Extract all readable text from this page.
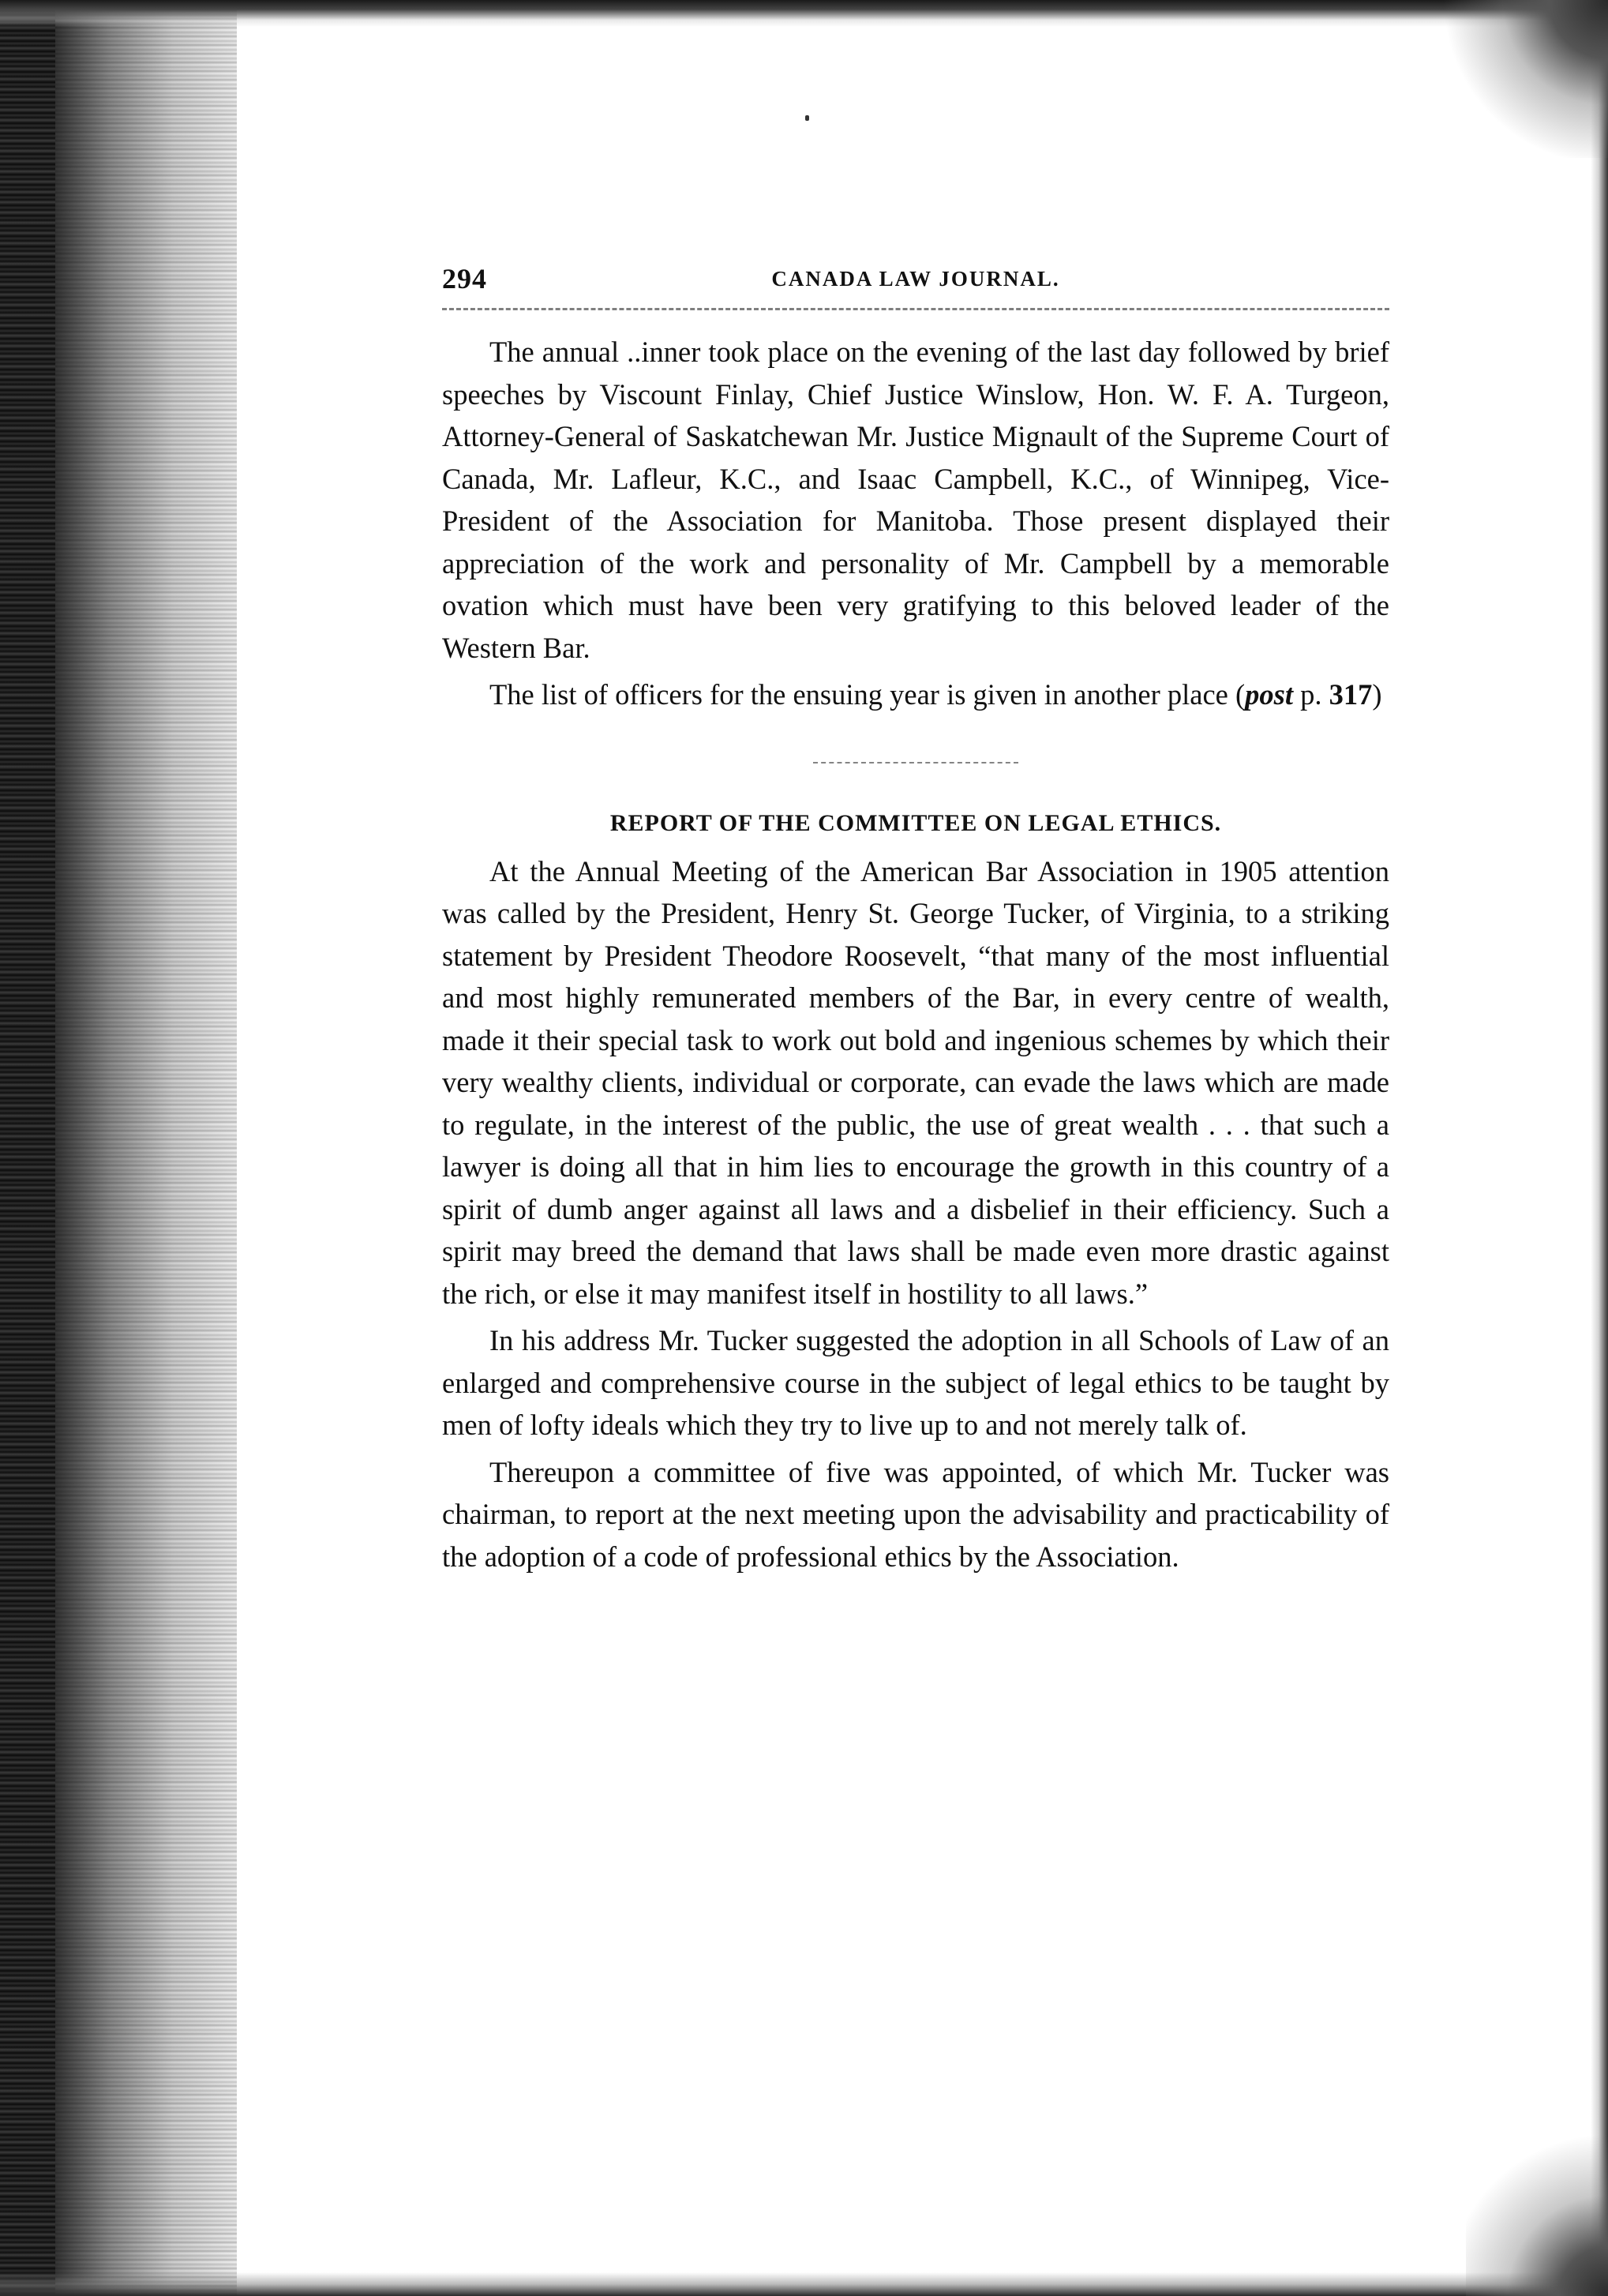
294	CANADA LAW JOURNAL.

The annual ..inner took place on the evening of the last day followed by brief speeches by Viscount Finlay, Chief Justice Winslow, Hon. W. F. A. Turgeon, Attorney-General of Saskatchewan Mr. Justice Mignault of the Supreme Court of Canada, Mr. Lafleur, K.C., and Isaac Campbell, K.C., of Winnipeg, Vice-President of the Association for Manitoba. Those present displayed their appreciation of the work and personality of Mr. Campbell by a memorable ovation which must have been very gratifying to this beloved leader of the Western Bar.

The list of officers for the ensuing year is given in another place (post p. 317)

REPORT OF THE COMMITTEE ON LEGAL ETHICS.

At the Annual Meeting of the American Bar Association in 1905 attention was called by the President, Henry St. George Tucker, of Virginia, to a striking statement by President Theodore Roosevelt, “that many of the most influential and most highly remunerated members of the Bar, in every centre of wealth, made it their special task to work out bold and ingenious schemes by which their very wealthy clients, individual or corporate, can evade the laws which are made to regulate, in the interest of the public, the use of great wealth . . . that such a lawyer is doing all that in him lies to encourage the growth in this country of a spirit of dumb anger against all laws and a disbelief in their efficiency. Such a spirit may breed the demand that laws shall be made even more drastic against the rich, or else it may manifest itself in hostility to all laws.”

In his address Mr. Tucker suggested the adoption in all Schools of Law of an enlarged and comprehensive course in the subject of legal ethics to be taught by men of lofty ideals which they try to live up to and not merely talk of.

Thereupon a committee of five was appointed, of which Mr. Tucker was chairman, to report at the next meeting upon the advisability and practicability of the adoption of a code of professional ethics by the Association.
